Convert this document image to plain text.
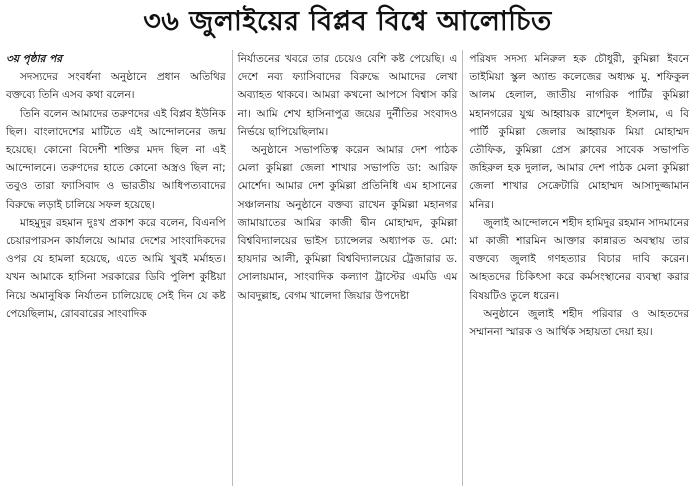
৩৬ জুলাইয়ের বিপ্লব বিশ্বে আলোচিত
৩য় পৃষ্ঠার পর

সদস্যদের সংবর্ধনা অনুষ্ঠানে প্রধান অতিথির বক্তব্যে তিনি এসব কথা বলেন।

তিনি বলেন আমাদের তরুণদের এই বিপ্লব ইউনিক ছিল। বাংলাদেশের মাটিতে এই আন্দোলনের জন্ম হয়েছে। কোনো বিদেশী শক্তির মদদ ছিল না এই আন্দোলনে। তরুণদের হাতে কোনো অস্ত্রও ছিল না; তবুও তারা ফ্যাসিবাদ ও ভারতীয় আধিপত্যবাদের বিরুদ্ধে লড়াই চালিয়ে সফল হয়েছে।

মাহমুদুর রহমান দুঃখ প্রকাশ করে বলেন, বিএনপি চেয়ারপারসন কার্যালয়ে আমার দেশের সাংবাদিকদের ওপর যে হামলা হয়েছে, এতে আমি খুবই মর্মাহত। যখন আমাকে হাসিনা সরকারের ডিবি পুলিশ কুষ্টিয়া নিয়ে অমানুষিক নির্যাতন চালিয়েছে সেই দিন যে কষ্ট পেয়েছিলাম, রোববারের সাংবাদিক

নির্যাতনের খবরে তার চেয়েও বেশি কষ্ট পেয়েছি। এ দেশে নব্য ফ্যাসিবাদের বিরুদ্ধে আমাদের লেখা অব্যাহত থাকবে। আমরা কখনো আপসে বিশ্বাস করি না। আমি শেখ হাসিনাপুত্র জয়ের দুর্নীতির সংবাদও নির্ভয়ে ছাপিয়েছিলাম।

অনুষ্ঠানে সভাপতিত্ব করেন আমার দেশ পাঠক মেলা কুমিল্লা জেলা শাখার সভাপতি ডা: আরিফ মোর্শেদ। আমার দেশ কুমিল্লা প্রতিনিধি এম হাসানের সঞ্চালনায় অনুষ্ঠানে বক্তব্য রাখেন কুমিল্লা মহানগর জামায়াতের আমির কাজী দ্বীন মোহাম্মদ, কুমিল্লা বিশ্ববিদ্যালয়ের ভাইস চ্যান্সেলর অধ্যাপক ড. মো: হায়দার আলী, কুমিল্লা বিশ্ববিদ্যালয়ের ট্রেজারার ড. সোলায়মান, সাংবাদিক কল্যাণ ট্রাস্টের এমডি এম আবদুল্লাহ, বেগম খালেদা জিয়ার উপদেষ্টা

পরিষদ সদস্য মনিরুল হক চৌধুরী, কুমিল্লা ইবনে তাইমিয়া স্কুল অ্যান্ড কলেজের অধ্যক্ষ মু. শফিকুল আলম হেলাল, জাতীয় নাগরিক পার্টির কুমিল্লা মহানগরের যুগ্ম আহ্বায়ক রাশেদুল ইসলাম, এ বি পার্টি কুমিল্লা জেলার আহ্বায়ক মিয়া মোহাম্মদ তৌফিক, কুমিল্লা প্রেস ক্লাবের সাবেক সভাপতি জহিরুল হক দুলাল, আমার দেশ পাঠক মেলা কুমিল্লা জেলা শাখার সেক্রেটারি মোহাম্মদ আসাদুজ্জামান মনির।

জুলাই আন্দোলনে শহীদ হামিদুর রহমান সাদমানের মা কাজী শারমিন আক্তার কান্নারত অবস্থায় তার বক্তব্যে জুলাই গণহত্যার বিচার দাবি করেন। আহতদের চিকিৎসা করে কর্মসংস্থানের ব্যবস্থা করার বিষয়টিও তুলে ধরেন।

অনুষ্ঠানে জুলাই শহীদ পরিবার ও আহতদের সম্মাননা স্মারক ও আর্থিক সহায়তা দেয়া হয়।
